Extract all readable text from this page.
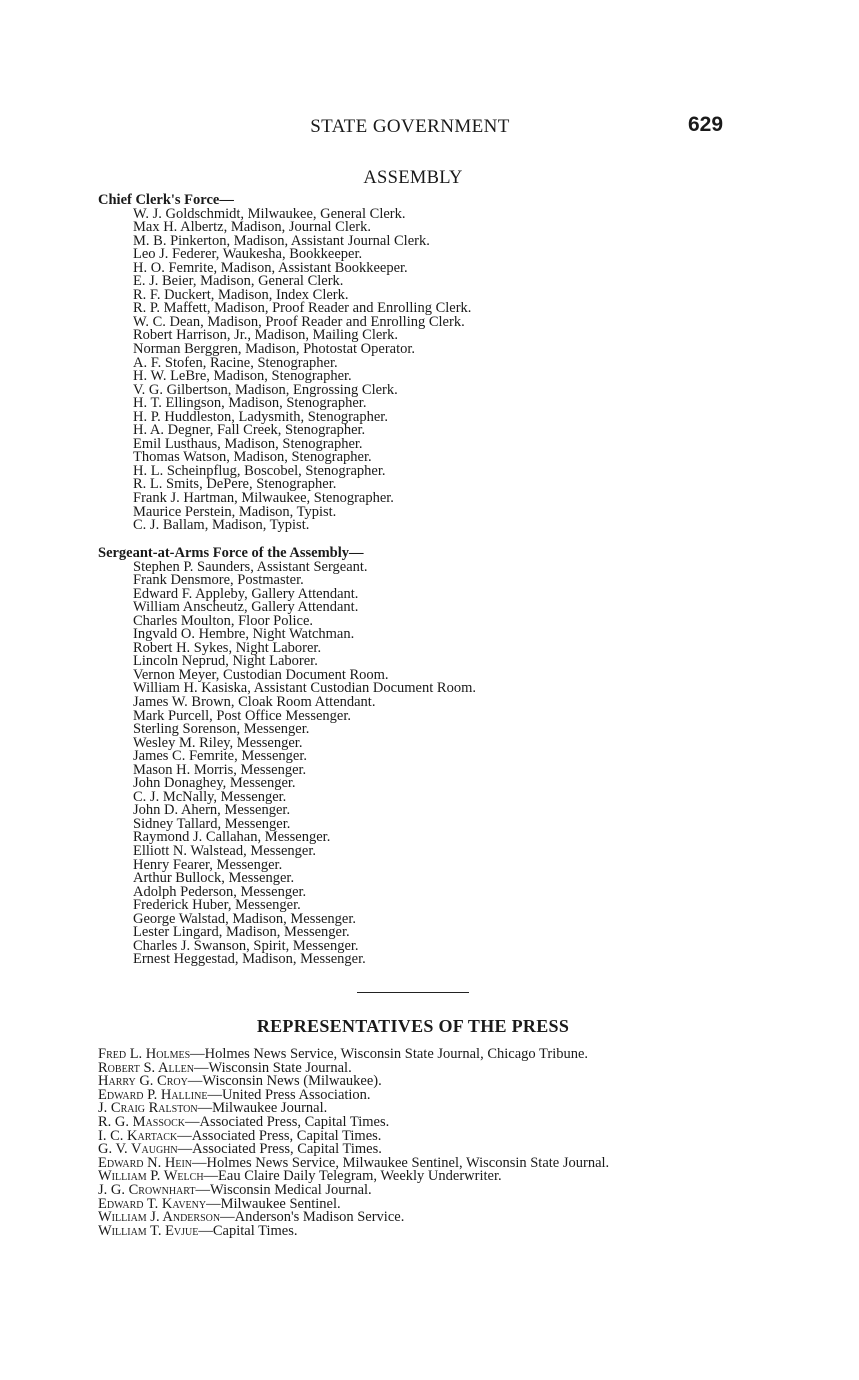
STATE GOVERNMENT	629
ASSEMBLY
Chief Clerk's Force—
W. J. Goldschmidt, Milwaukee, General Clerk.
Max H. Albertz, Madison, Journal Clerk.
M. B. Pinkerton, Madison, Assistant Journal Clerk.
Leo J. Federer, Waukesha, Bookkeeper.
H. O. Femrite, Madison, Assistant Bookkeeper.
E. J. Beier, Madison, General Clerk.
R. F. Duckert, Madison, Index Clerk.
R. P. Maffett, Madison, Proof Reader and Enrolling Clerk.
W. C. Dean, Madison, Proof Reader and Enrolling Clerk.
Robert Harrison, Jr., Madison, Mailing Clerk.
Norman Berggren, Madison, Photostat Operator.
A. F. Stofen, Racine, Stenographer.
H. W. LeBre, Madison, Stenographer.
V. G. Gilbertson, Madison, Engrossing Clerk.
H. T. Ellingson, Madison, Stenographer.
H. P. Huddleston, Ladysmith, Stenographer.
H. A. Degner, Fall Creek, Stenographer.
Emil Lusthaus, Madison, Stenographer.
Thomas Watson, Madison, Stenographer.
H. L. Scheinpflug, Boscobel, Stenographer.
R. L. Smits, DePere, Stenographer.
Frank J. Hartman, Milwaukee, Stenographer.
Maurice Perstein, Madison, Typist.
C. J. Ballam, Madison, Typist.
Sergeant-at-Arms Force of the Assembly—
Stephen P. Saunders, Assistant Sergeant.
Frank Densmore, Postmaster.
Edward F. Appleby, Gallery Attendant.
William Anscheutz, Gallery Attendant.
Charles Moulton, Floor Police.
Ingvald O. Hembre, Night Watchman.
Robert H. Sykes, Night Laborer.
Lincoln Neprud, Night Laborer.
Vernon Meyer, Custodian Document Room.
William H. Kasiska, Assistant Custodian Document Room.
James W. Brown, Cloak Room Attendant.
Mark Purcell, Post Office Messenger.
Sterling Sorenson, Messenger.
Wesley M. Riley, Messenger.
James C. Femrite, Messenger.
Mason H. Morris, Messenger.
John Donaghey, Messenger.
C. J. McNally, Messenger.
John D. Ahern, Messenger.
Sidney Tallard, Messenger.
Raymond J. Callahan, Messenger.
Elliott N. Walstead, Messenger.
Henry Fearer, Messenger.
Arthur Bullock, Messenger.
Adolph Pederson, Messenger.
Frederick Huber, Messenger.
George Walstad, Madison, Messenger.
Lester Lingard, Madison, Messenger.
Charles J. Swanson, Spirit, Messenger.
Ernest Heggestad, Madison, Messenger.
REPRESENTATIVES OF THE PRESS
Fred L. Holmes—Holmes News Service, Wisconsin State Journal, Chicago Tribune.
Robert S. Allen—Wisconsin State Journal.
Harry G. Croy—Wisconsin News (Milwaukee).
Edward P. Halline—United Press Association.
J. Craig Ralston—Milwaukee Journal.
R. G. Massock—Associated Press, Capital Times.
I. C. Kartack—Associated Press, Capital Times.
G. V. Vaughn—Associated Press, Capital Times.
Edward N. Hein—Holmes News Service, Milwaukee Sentinel, Wisconsin State Journal.
William P. Welch—Eau Claire Daily Telegram, Weekly Underwriter.
J. G. Crownhart—Wisconsin Medical Journal.
Edward T. Kaveny—Milwaukee Sentinel.
William J. Anderson—Anderson's Madison Service.
William T. Evjue—Capital Times.
